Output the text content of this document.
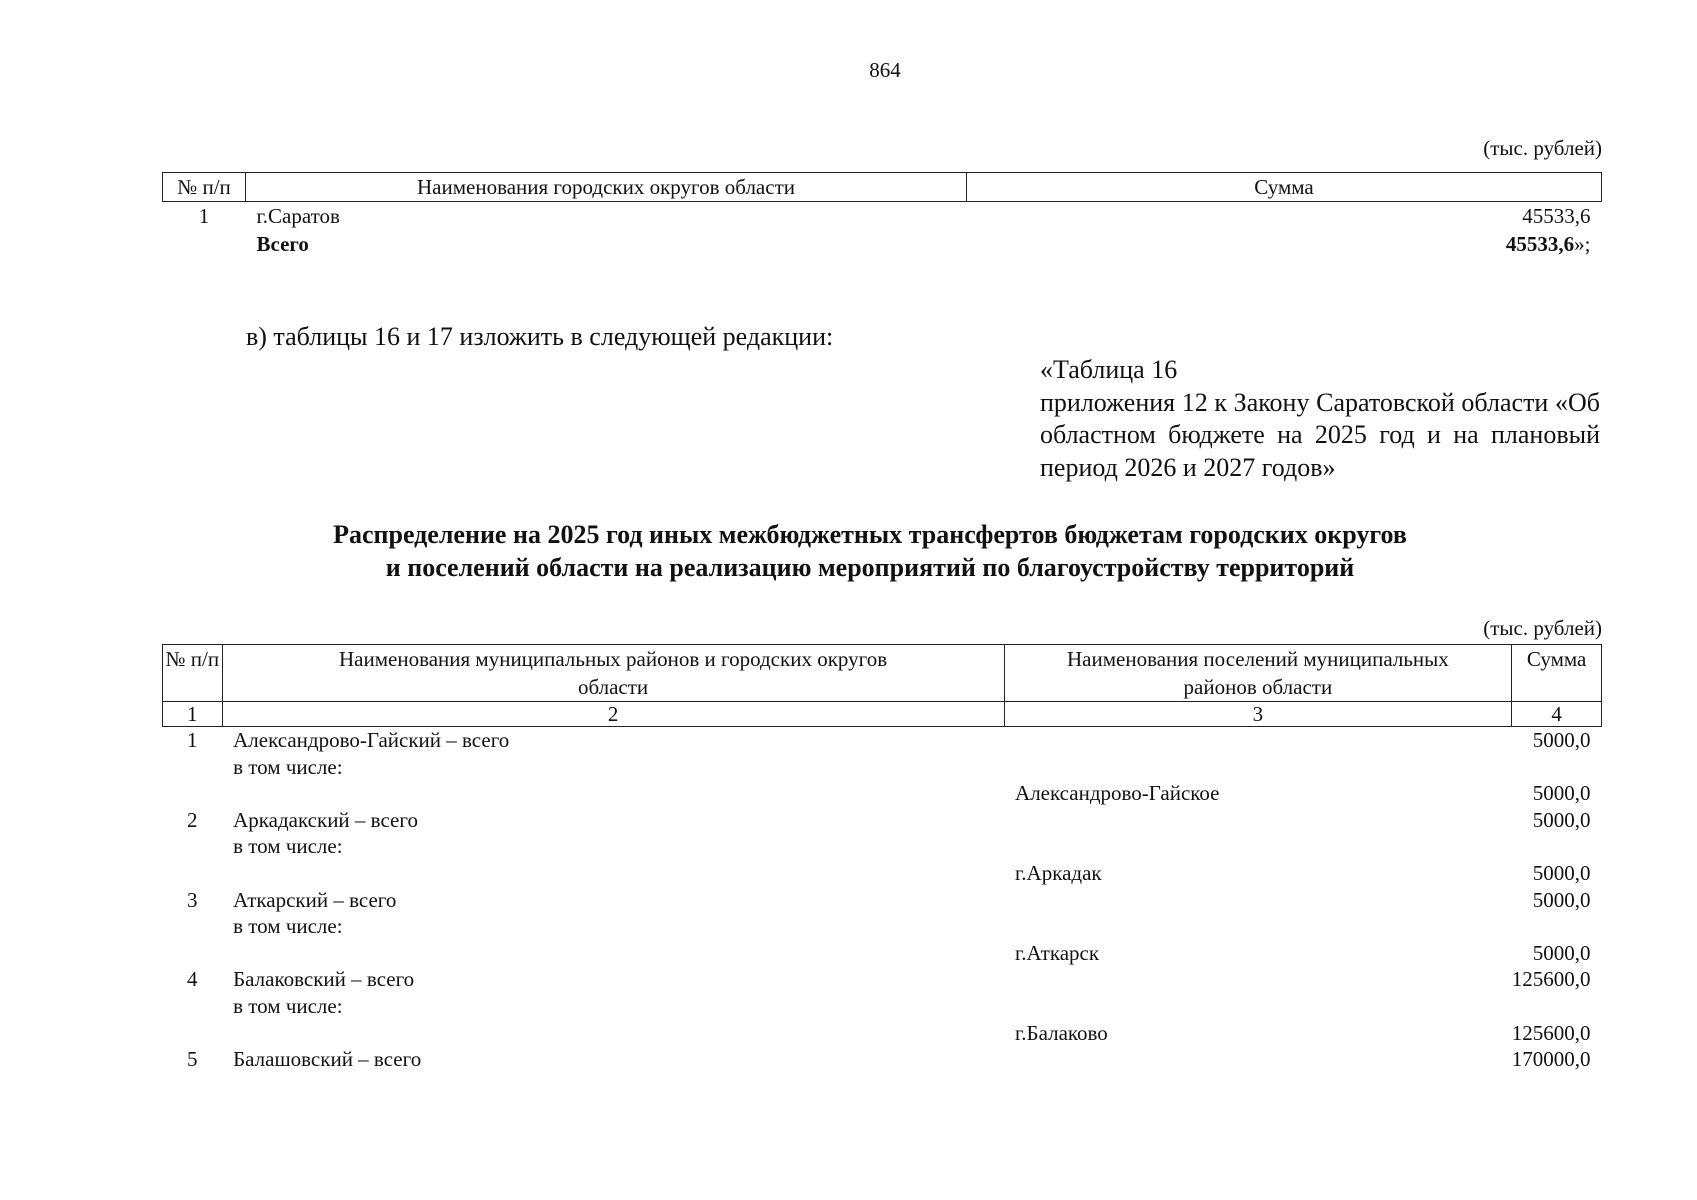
864
(тыс. рублей)
№ п/п	Наименования городских округов области	Сумма
1	г.Саратов	45533,6
	Всего	45533,6»;
в) таблицы 16 и 17 изложить в следующей редакции:
«Таблица 16
приложения 12 к Закону Саратовской области «Об областном бюджете на 2025 год и на плановый период 2026 и 2027 годов»
Распределение на 2025 год иных межбюджетных трансфертов бюджетам городских округов
и поселений области на реализацию мероприятий по благоустройству территорий
(тыс. рублей)
№ п/п	Наименования муниципальных районов и городских округов области	Наименования поселений муниципальных районов области	Сумма
1	2	3	4
1	Александрово-Гайский – всего		5000,0
	в том числе:		
		Александрово-Гайское	5000,0
2	Аркадакский – всего		5000,0
	в том числе:		
		г.Аркадак	5000,0
3	Аткарский – всего		5000,0
	в том числе:		
		г.Аткарск	5000,0
4	Балаковский – всего		125600,0
	в том числе:		
		г.Балаково	125600,0
5	Балашовский – всего		170000,0
